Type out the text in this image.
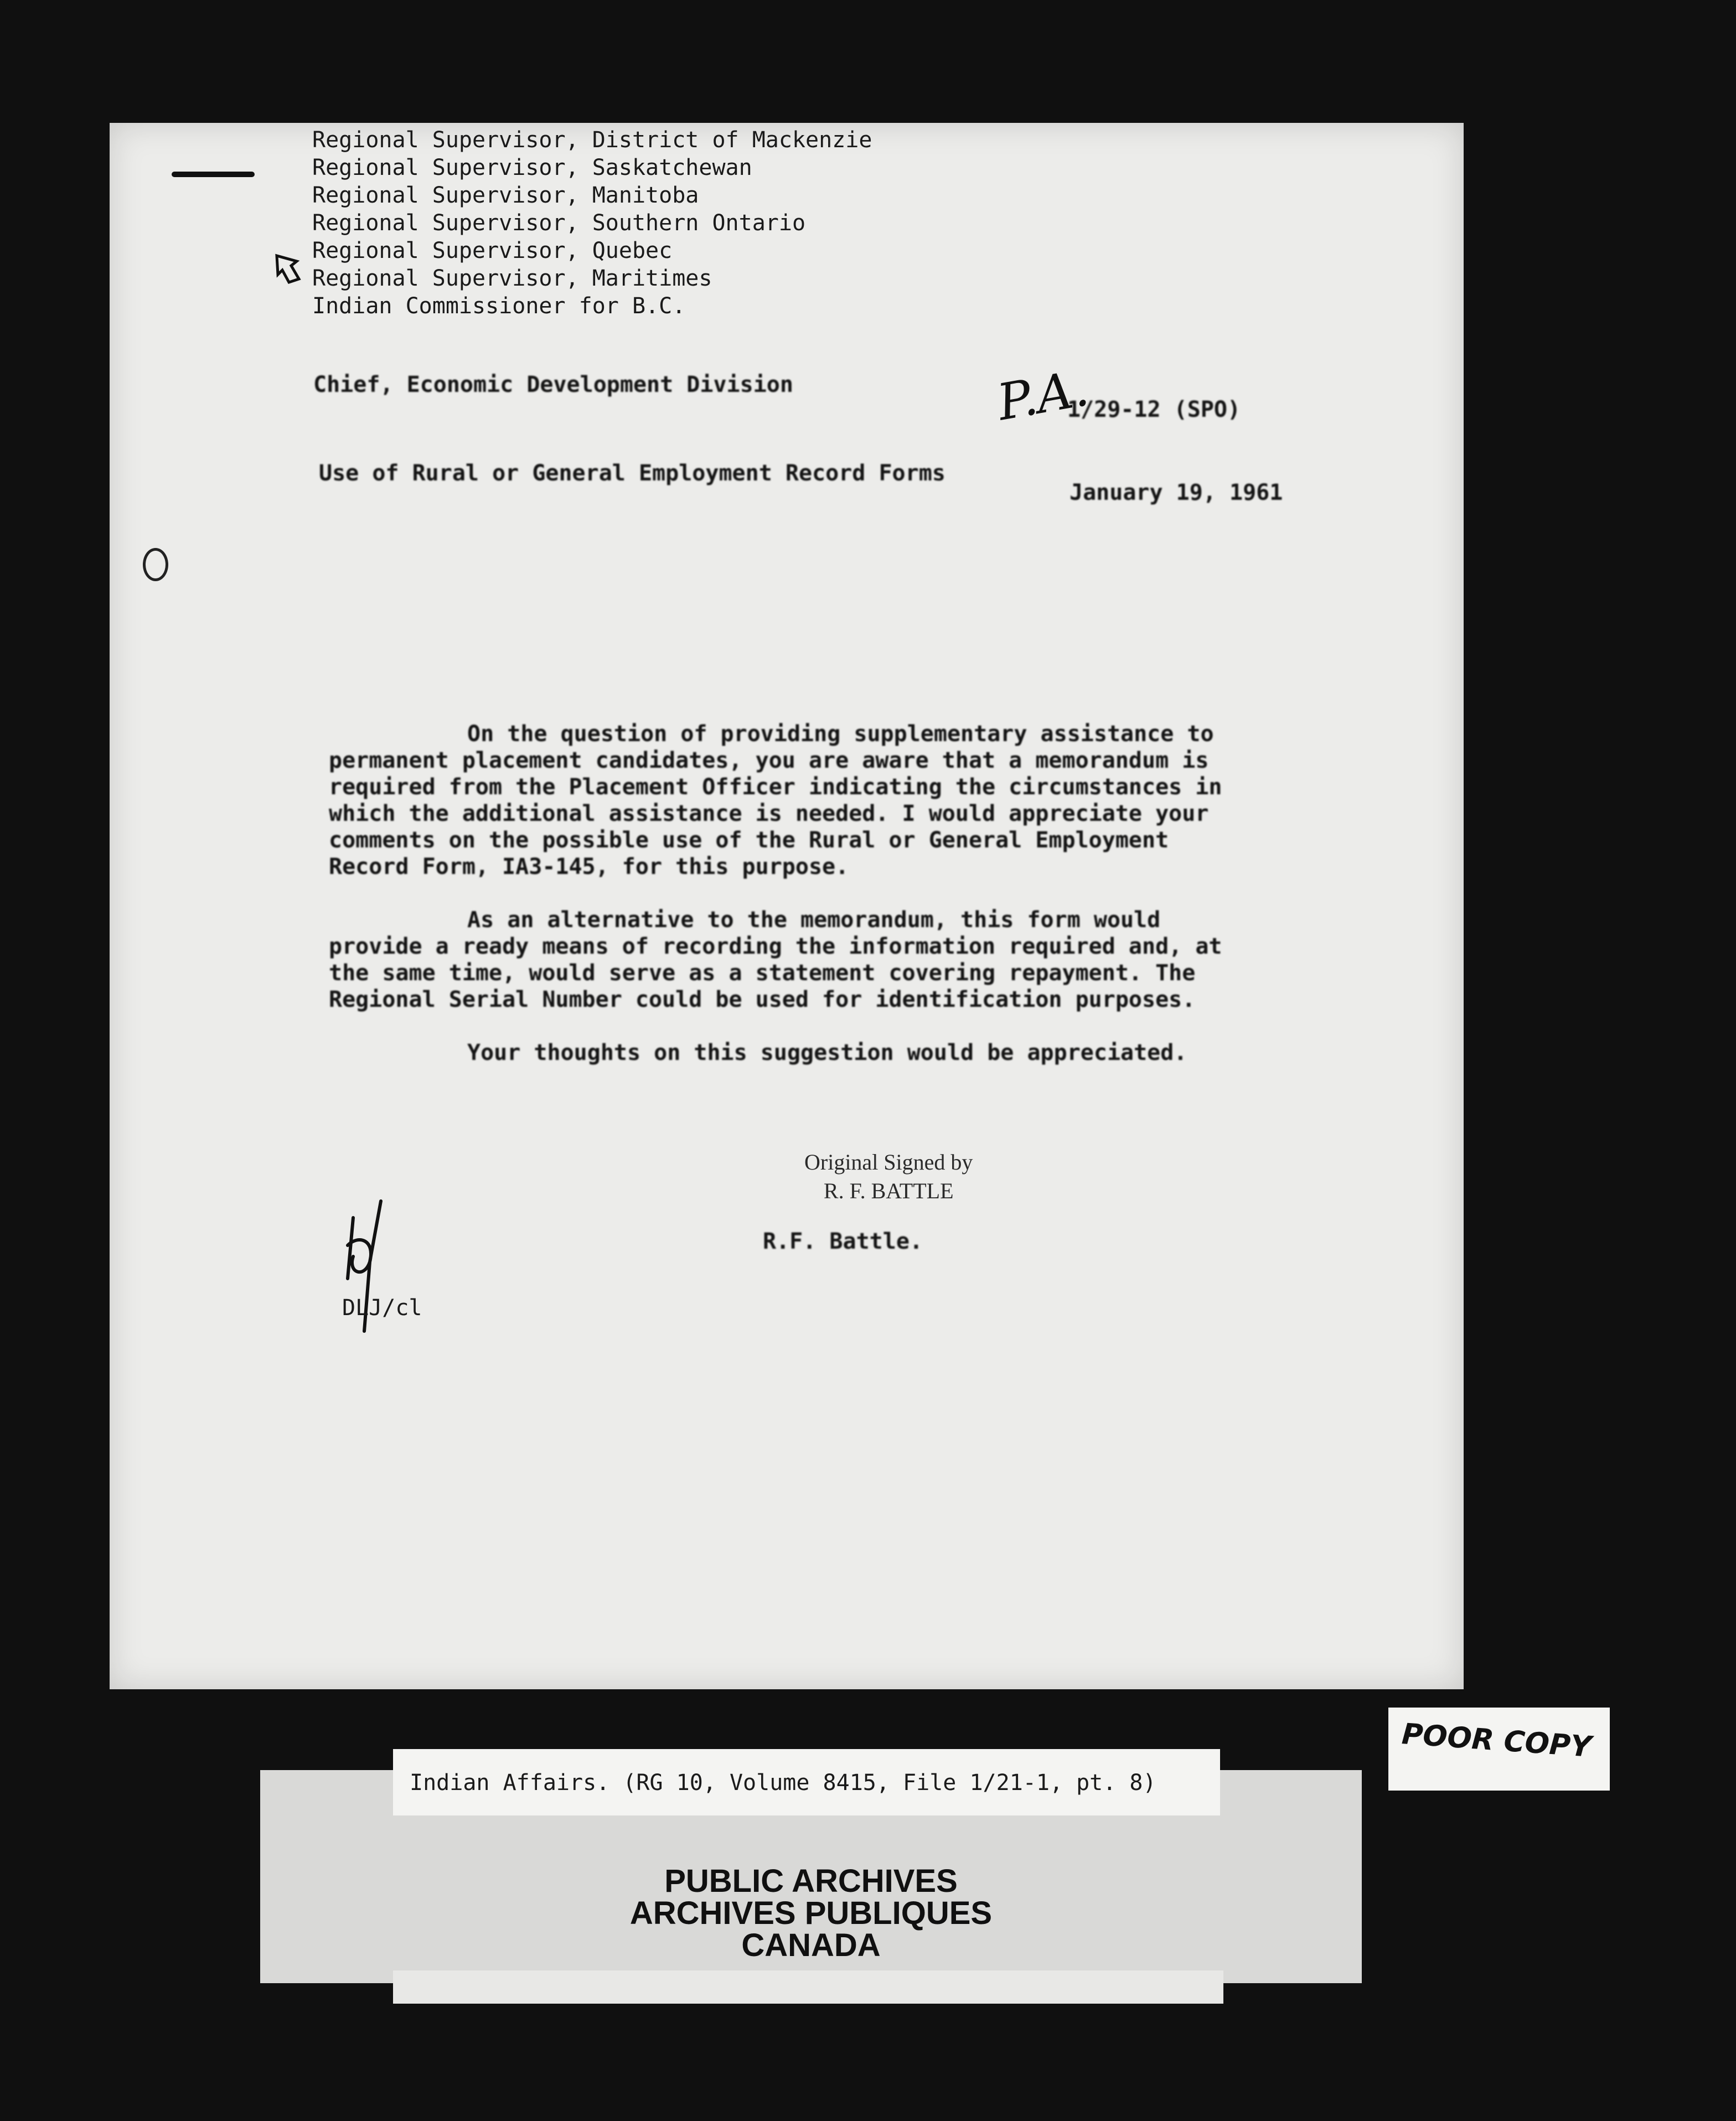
Regional Supervisor, District of Mackenzie
Regional Supervisor, Saskatchewan
Regional Supervisor, Manitoba
Regional Supervisor, Southern Ontario
Regional Supervisor, Quebec
Regional Supervisor, Maritimes
Indian Commissioner for B.C.
Chief, Economic Development Division	P.A.
1/29-12 (SPO)
Use of Rural or General Employment Record Forms
January 19, 1961
On the question of providing supplementary assistance to
permanent placement candidates, you are aware that a memorandum is
required from the Placement Officer indicating the circumstances in
which the additional assistance is needed. I would appreciate your
comments on the possible use of the Rural or General Employment
Record Form, IA3-145, for this purpose.
As an alternative to the memorandum, this form would
provide a ready means of recording the information required and, at
the same time, would serve as a statement covering repayment. The
Regional Serial Number could be used for identification purposes.
Your thoughts on this suggestion would be appreciated.
Original Signed by
R. F. BATTLE
R.F. Battle.
DLJ/cl
Indian Affairs. (RG 10, Volume 8415, File 1/21-1, pt. 8)
PUBLIC ARCHIVES
ARCHIVES PUBLIQUES
CANADA
POOR COPY
